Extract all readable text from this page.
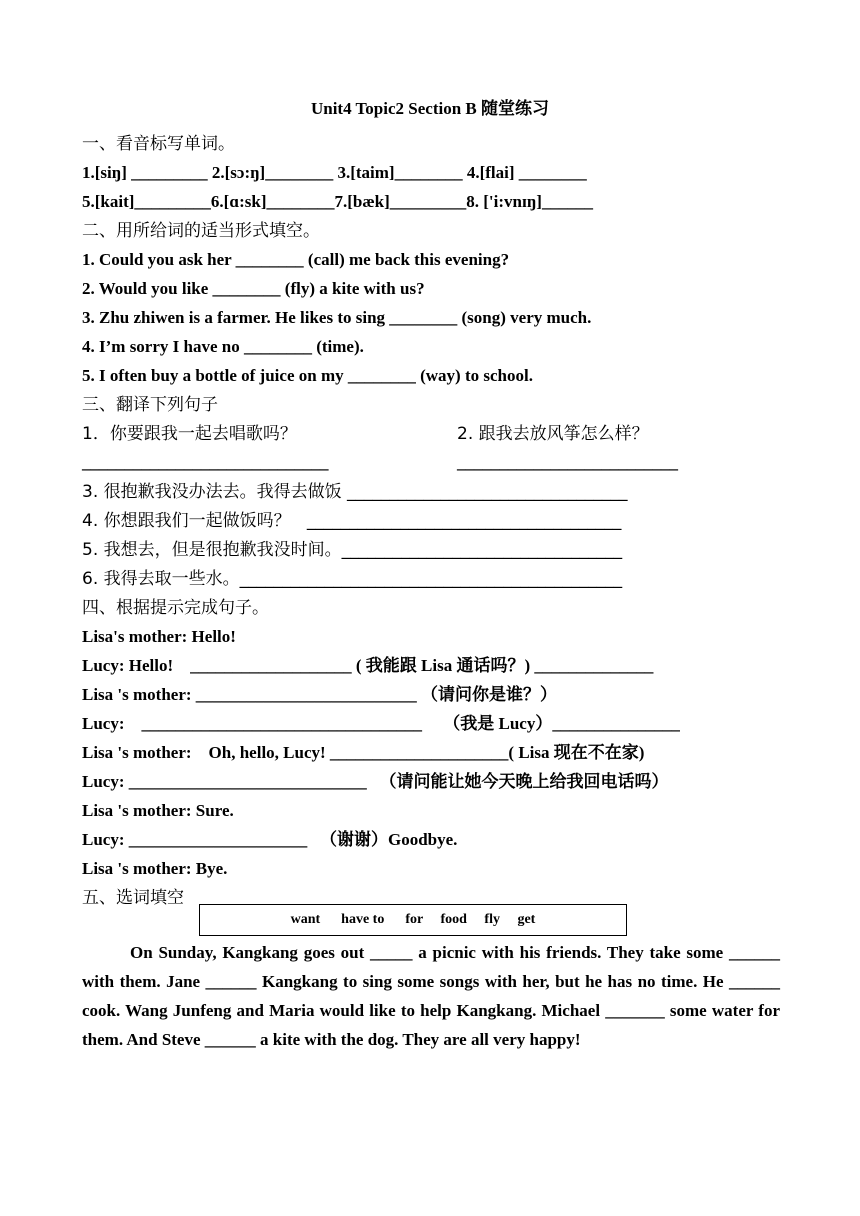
Unit4 Topic2 Section B 随堂练习
一、看音标写单词。
1.[siŋ] _________ 2.[sɔ:ŋ]________ 3.[taim]________ 4.[flai] ________
5.[kait]_________6.[ɑ:sk]________7.[bæk]_________8. ['i:vnɪŋ]______
二、用所给词的适当形式填空。
1. Could you ask her ________ (call) me back this evening?
2. Would you like ________ (fly) a kite with us?
3. Zhu zhiwen is a farmer. He likes to sing ________ (song) very much.
4. I’m sorry I have no ________ (time).
5. I often buy a bottle of juice on my ________ (way) to school.
三、翻译下列句子
1．你要跟我一起去唱歌吗？	2. 跟我去放风筝怎么样？
_____________________________	__________________________
3. 很抱歉我没办法去。我得去做饭 _________________________________
4. 你想跟我们一起做饭吗？   _____________________________________
5. 我想去，但是很抱歉我没时间。_________________________________
6. 我得去取一些水。_____________________________________________
四、根据提示完成句子。
Lisa's mother: Hello!
Lucy: Hello!    ___________________ ( 我能跟 Lisa 通话吗？) ______________
Lisa 's mother: __________________________ （请问你是谁？）
Lucy:    _________________________________     （我是 Lucy）_______________
Lisa 's mother:    Oh, hello, Lucy! _____________________( Lisa 现在不在家)
Lucy: ____________________________   （请问能让她今天晚上给我回电话吗）
Lisa 's mother: Sure.
Lucy: _____________________   （谢谢）Goodbye.
Lisa 's mother: Bye.
五、选词填空
want      have to      for     food     fly     get
On Sunday, Kangkang goes out _____ a picnic with his friends. They take some ______ with them. Jane ______ Kangkang to sing some songs with her, but he has no time. He ______ cook. Wang Junfeng and Maria would like to help Kangkang. Michael _______ some water for them. And Steve ______ a kite with the dog. They are all very happy!
